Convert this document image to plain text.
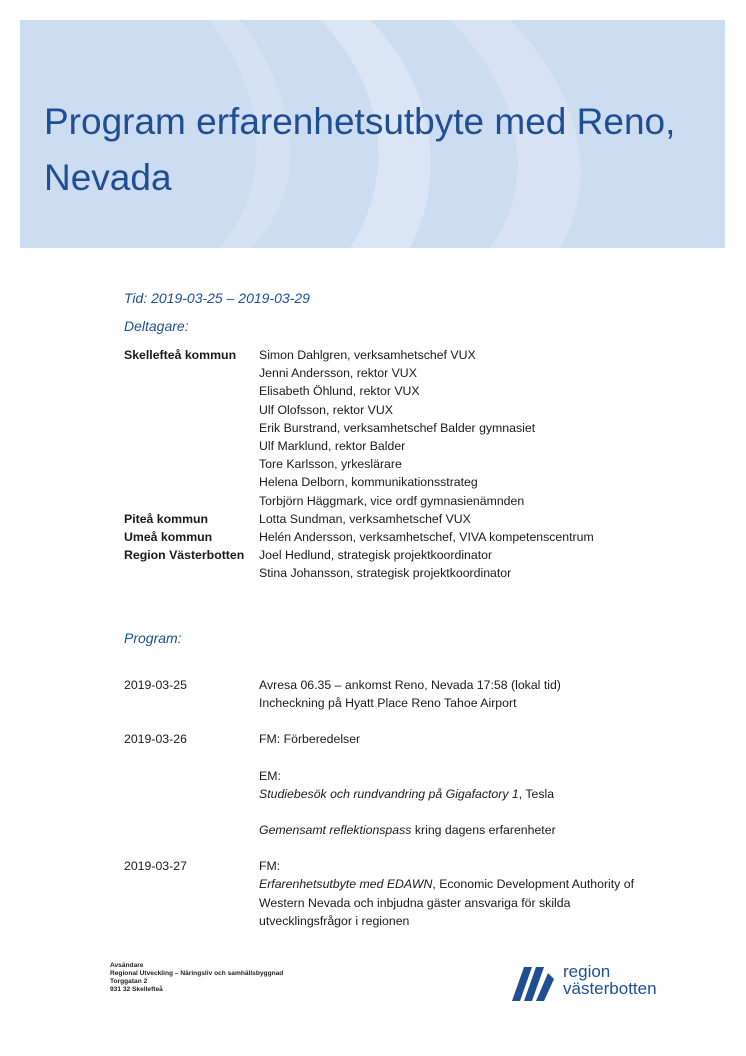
Program erfarenhetsutbyte med Reno, Nevada
Tid: 2019-03-25 – 2019-03-29
Deltagare:
Skellefteå kommun	Simon Dahlgren, verksamhetschef VUX
Jenni Andersson, rektor VUX
Elisabeth Öhlund, rektor VUX
Ulf Olofsson, rektor VUX
Erik Burstrand, verksamhetschef Balder gymnasiet
Ulf Marklund, rektor Balder
Tore Karlsson, yrkeslärare
Helena Delborn, kommunikationsstrateg
Torbjörn Häggmark, vice ordf gymnasienämnden
Piteå kommun	Lotta Sundman, verksamhetschef VUX
Umeå kommun	Helén Andersson, verksamhetschef, VIVA kompetenscentrum
Region Västerbotten	Joel Hedlund, strategisk projektkoordinator
Stina Johansson, strategisk projektkoordinator
Program:
2019-03-25	Avresa 06.35 – ankomst Reno, Nevada 17:58 (lokal tid)
Incheckning på Hyatt Place Reno Tahoe Airport
2019-03-26	FM: Förberedelser
EM:
Studiebesök och rundvandring på Gigafactory 1, Tesla
Gemensamt reflektionspass kring dagens erfarenheter
2019-03-27	FM:
Erfarenhetsutbyte med EDAWN, Economic Development Authority of Western Nevada och inbjudna gäster ansvariga för skilda utvecklingsfrågor i regionen
Avsändare
Regional Utveckling – Näringsliv och samhällsbyggnad
Torggatan 2
931 32 Skellefteå
region
västerbotten
